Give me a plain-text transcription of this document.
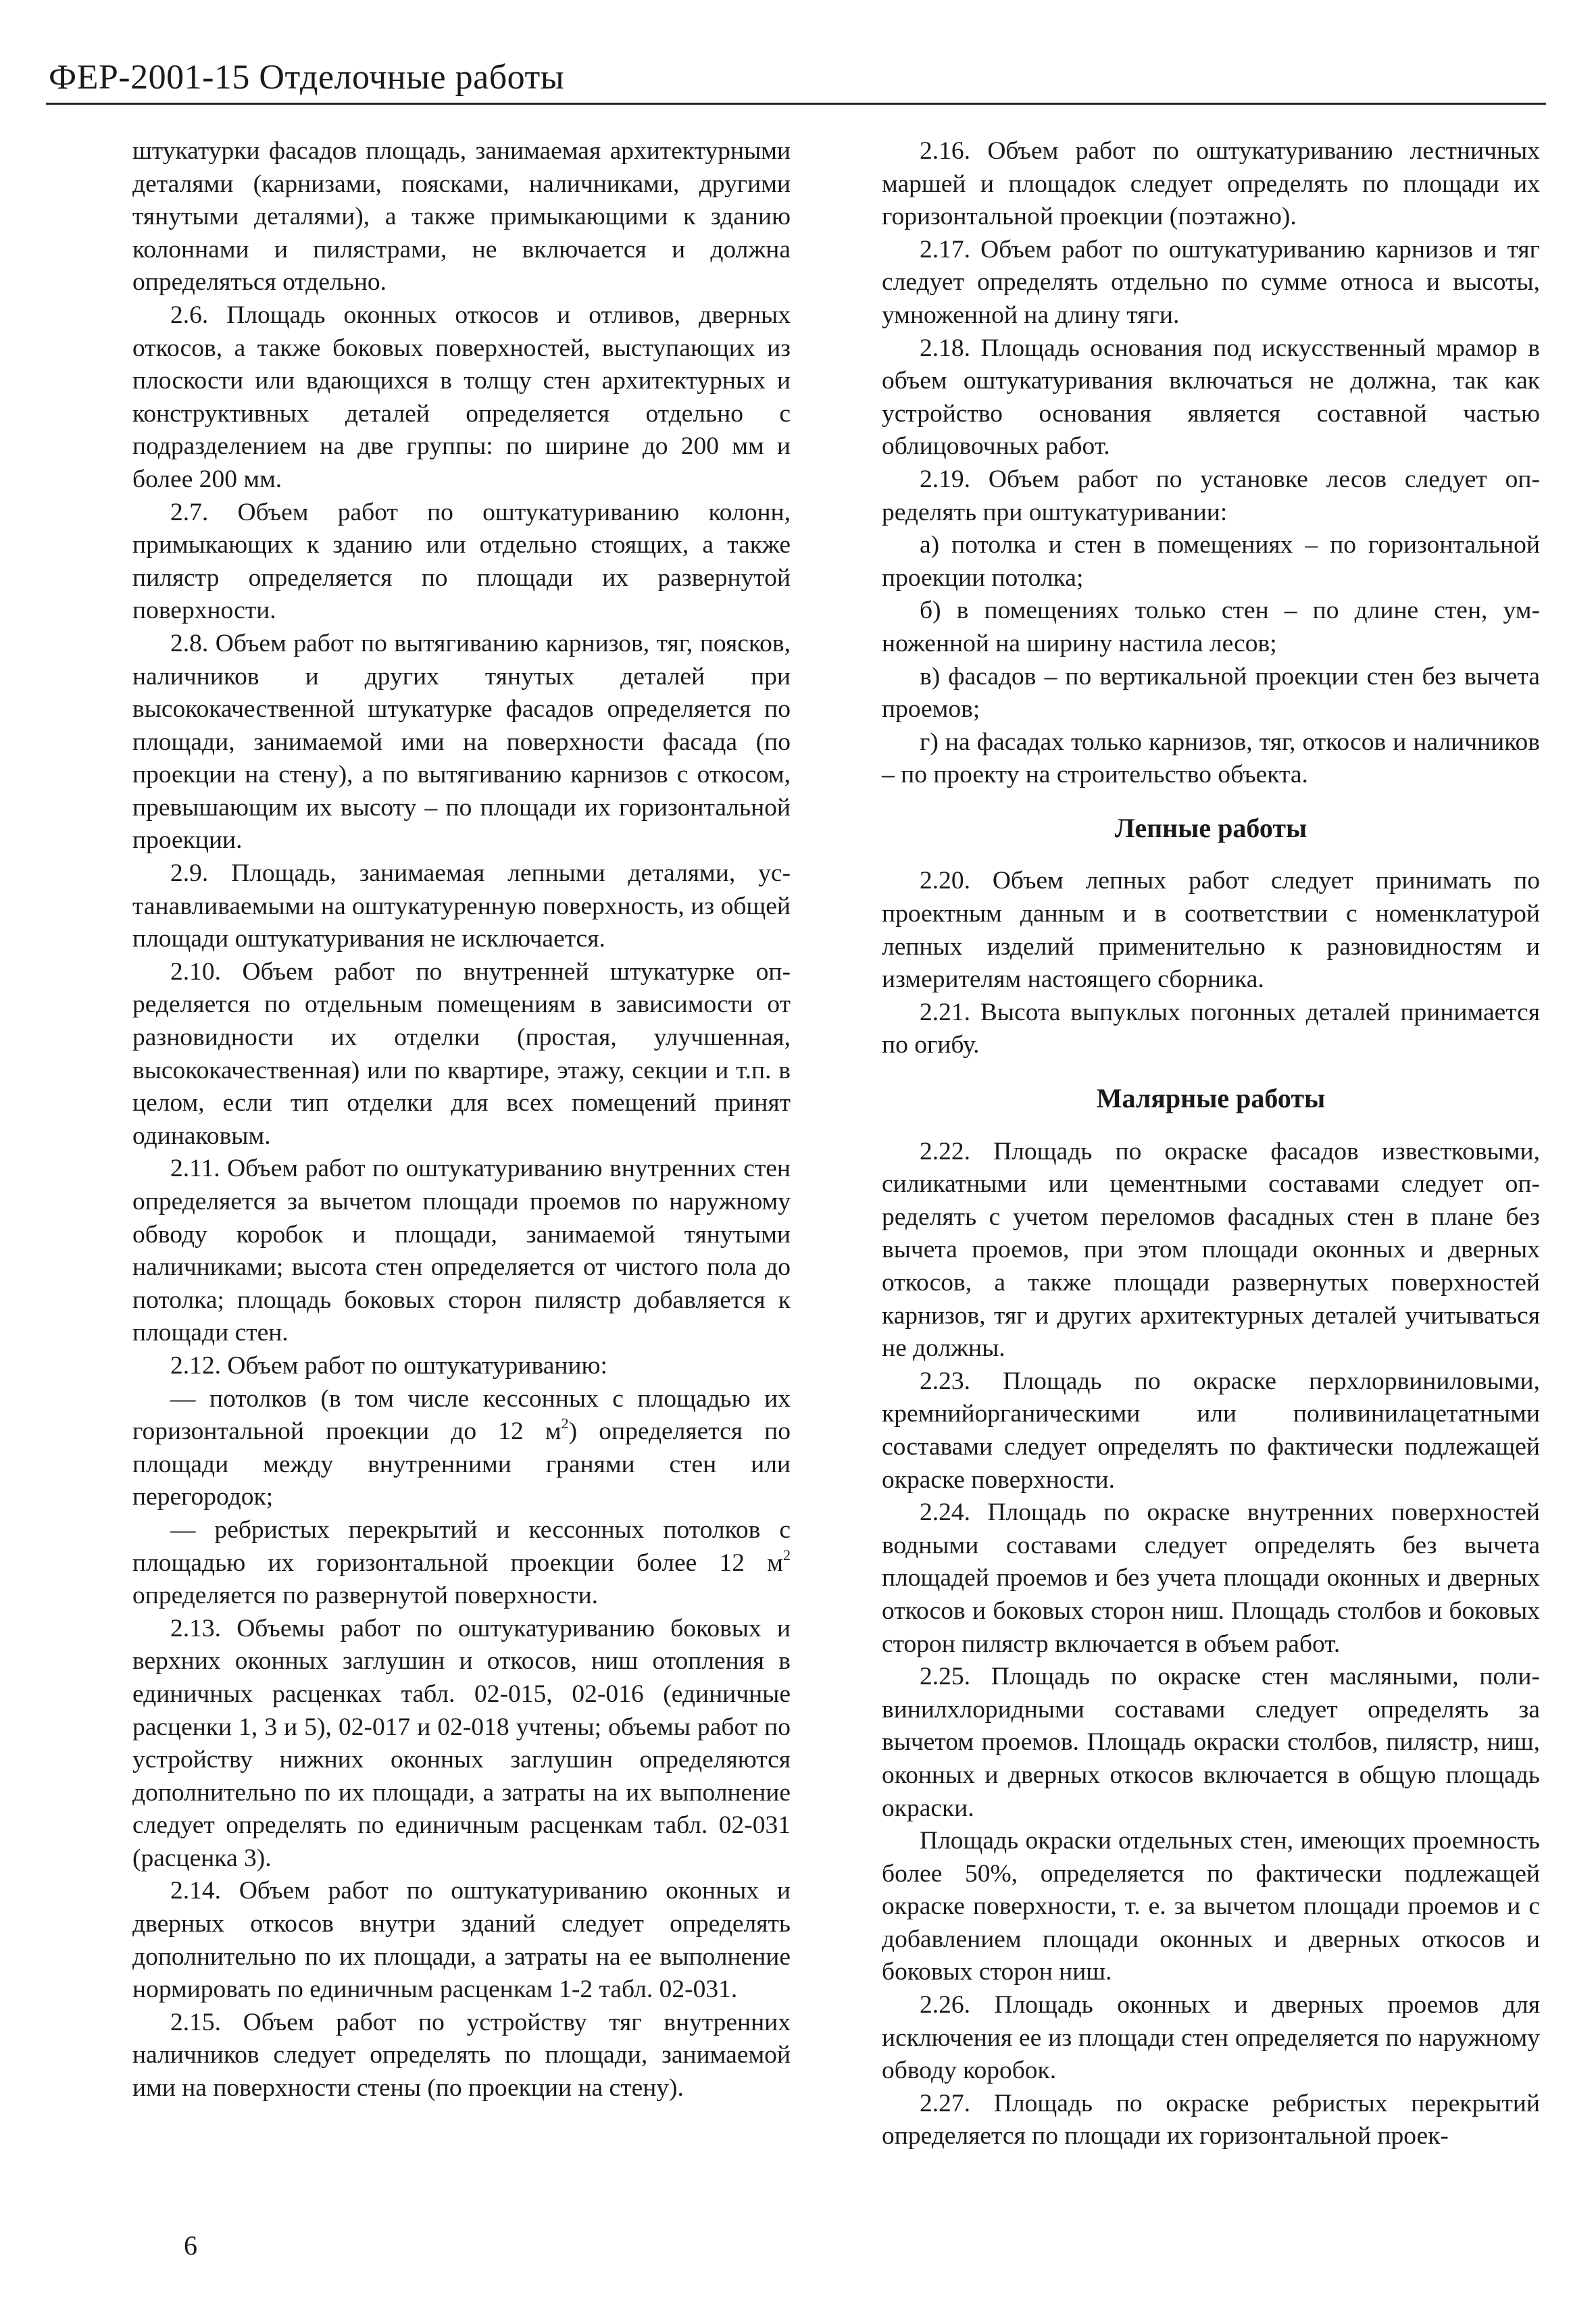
ФЕР-2001-15 Отделочные работы

штукатурки фасадов площадь, занимаемая архитектурными деталями (карнизами, поясками, наличниками, другими тянутыми деталями), а также примыкающими к зданию колоннами и пилястрами, не включается и должна определяться отдельно.

2.6. Площадь оконных откосов и отливов, дверных откосов, а также боковых поверхностей, выступающих из плоскости или вдающихся в толщу стен архитектурных и конструктивных деталей определяется отдельно с подразделением на две группы: по ширине до 200 мм и более 200 мм.

2.7. Объем работ по оштукатуриванию колонн, примыкающих к зданию или отдельно стоящих, а также пилястр определяется по площади их развернутой поверхности.

2.8. Объем работ по вытягиванию карнизов, тяг, поясков, наличников и других тянутых деталей при высококачественной штукатурке фасадов определяется по площади, занимаемой ими на поверхности фасада (по проекции на стену), а по вытягиванию карнизов с откосом, превышающим их высоту – по площади их горизонтальной проекции.

2.9. Площадь, занимаемая лепными деталями, устанавливаемыми на оштукатуренную поверхность, из общей площади оштукатуривания не исключается.

2.10. Объем работ по внутренней штукатурке определяется по отдельным помещениям в зависимости от разновидности их отделки (простая, улучшенная, высококачественная) или по квартире, этажу, секции и т.п. в целом, если тип отделки для всех помещений принят одинаковым.

2.11. Объем работ по оштукатуриванию внутренних стен определяется за вычетом площади проемов по наружному обводу коробок и площади, занимаемой тянутыми наличниками; высота стен определяется от чистого пола до потолка; площадь боковых сторон пилястр добавляется к площади стен.

2.12. Объем работ по оштукатуриванию:

— потолков (в том числе кессонных с площадью их горизонтальной проекции до 12 $м^2$) определяется по площади между внутренними гранями стен или перегородок;

— ребристых перекрытий и кессонных потолков с площадью их горизонтальной проекции более 12 $м^2$ определяется по развернутой поверхности.

2.13. Объемы работ по оштукатуриванию боковых и верхних оконных заглушин и откосов, ниш отопления в единичных расценках табл. 02-015, 02-016 (единичные расценки 1, 3 и 5), 02-017 и 02-018 учтены; объемы работ по устройству нижних оконных заглушин определяются дополнительно по их площади, а затраты на их выполнение следует определять по единичным расценкам табл. 02-031 (расценка 3).

2.14. Объем работ по оштукатуриванию оконных и дверных откосов внутри зданий следует определять дополнительно по их площади, а затраты на ее выполнение нормировать по единичным расценкам 1-2 табл. 02-031.

2.15. Объем работ по устройству тяг внутренних наличников следует определять по площади, занимаемой ими на поверхности стены (по проекции на стену).

2.16. Объем работ по оштукатуриванию лестничных маршей и площадок следует определять по площади их горизонтальной проекции (поэтажно).

2.17. Объем работ по оштукатуриванию карнизов и тяг следует определять отдельно по сумме относа и высоты, умноженной на длину тяги.

2.18. Площадь основания под искусственный мрамор в объем оштукатуривания включаться не должна, так как устройство основания является составной частью облицовочных работ.

2.19. Объем работ по установке лесов следует определять при оштукатуривании:

а) потолка и стен в помещениях – по горизонтальной проекции потолка;

б) в помещениях только стен – по длине стен, умноженной на ширину настила лесов;

в) фасадов – по вертикальной проекции стен без вычета проемов;

г) на фасадах только карнизов, тяг, откосов и наличников – по проекту на строительство объекта.

Лепные работы

2.20. Объем лепных работ следует принимать по проектным данным и в соответствии с номенклатурой лепных изделий применительно к разновидностям и измерителям настоящего сборника.

2.21. Высота выпуклых погонных деталей принимается по огибу.

Малярные работы

2.22. Площадь по окраске фасадов известковыми, силикатными или цементными составами следует определять с учетом переломов фасадных стен в плане без вычета проемов, при этом площади оконных и дверных откосов, а также площади развернутых поверхностей карнизов, тяг и других архитектурных деталей учитываться не должны.

2.23. Площадь по окраске перхлорвиниловыми, кремнийорганическими или поливинилацетатными составами следует определять по фактически подлежащей окраске поверхности.

2.24. Площадь по окраске внутренних поверхностей водными составами следует определять без вычета площадей проемов и без учета площади оконных и дверных откосов и боковых сторон ниш. Площадь столбов и боковых сторон пилястр включается в объем работ.

2.25. Площадь по окраске стен масляными, поливинилхлоридными составами следует определять за вычетом проемов. Площадь окраски столбов, пилястр, ниш, оконных и дверных откосов включается в общую площадь окраски.

Площадь окраски отдельных стен, имеющих проемность более 50%, определяется по фактически подлежащей окраске поверхности, т. е. за вычетом площади проемов и с добавлением площади оконных и дверных откосов и боковых сторон ниш.

2.26. Площадь оконных и дверных проемов для исключения ее из площади стен определяется по наружному обводу коробок.

2.27. Площадь по окраске ребристых перекрытий определяется по площади их горизонтальной проек-

6
